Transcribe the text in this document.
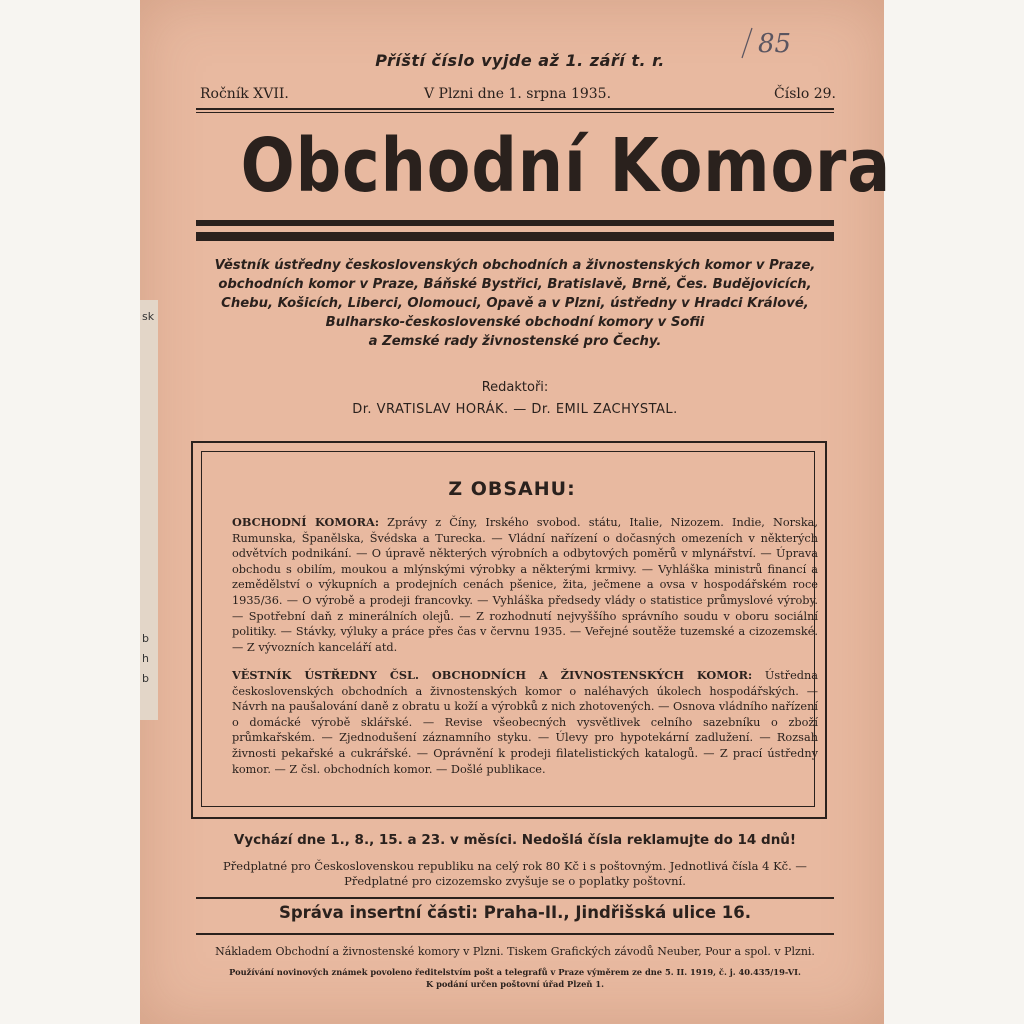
sk
b
h
b
85
Příští číslo vyjde až 1. září t. r.
Ročník XVII.	V Plzni dne 1. srpna 1935.	Číslo 29.
Obchodní Komora
Věstník ústředny československých obchodních a živnostenských komor v Praze,
obchodních komor v Praze, Báňské Bystřici, Bratislavě, Brně, Čes. Budějovicích,
Chebu, Košicích, Liberci, Olomouci, Opavě a v Plzni, ústředny v Hradci Králové,
Bulharsko-československé obchodní komory v Sofii
a Zemské rady živnostenské pro Čechy.
Redaktoři:
Dr. VRATISLAV HORÁK. — Dr. EMIL ZACHYSTAL.
Z OBSAHU:
OBCHODNÍ KOMORA: Zprávy z Číny, Irského svobod. státu, Italie, Nizozem. Indie, Norska, Rumunska, Španělska, Švédska a Turecka. — Vládní nařízení o dočasných omezeních v některých odvětvích podnikání. — O úpravě některých výrobních a odbytových poměrů v mlynářství. — Úprava obchodu s obilím, moukou a mlýnskými výrobky a některými krmivy. — Vyhláška ministrů financí a zemědělství o výkupních a prodejních cenách pšenice, žita, ječmene a ovsa v hospodářském roce 1935/36. — O výrobě a prodeji francovky. — Vyhláška předsedy vlády o statistice průmyslové výroby. — Spotřební daň z minerálních olejů. — Z rozhodnutí nejvyššího správního soudu v oboru sociální politiky. — Stávky, výluky a práce přes čas v červnu 1935. — Veřejné soutěže tuzemské a cizozemské. — Z vývozních kanceláří atd.
VĚSTNÍK ÚSTŘEDNY ČSL. OBCHODNÍCH A ŽIVNOSTENSKÝCH KOMOR: Ústředna československých obchodních a živnostenských komor o naléhavých úkolech hospodářských. — Návrh na paušalování daně z obratu u koží a výrobků z nich zhotovených. — Osnova vládního nařízení o domácké výrobě sklářské. — Revise všeobecných vysvětlivek celního sazebníku o zboží průmkařském. — Zjednodušení záznamního styku. — Úlevy pro hypotekární zadlužení. — Rozsah živnosti pekařské a cukrářské. — Oprávnění k prodeji filatelistických katalogů. — Z prací ústředny komor. — Z čsl. obchodních komor. — Došlé publikace.
Vychází dne 1., 8., 15. a 23. v měsíci. Nedošlá čísla reklamujte do 14 dnů!
Předplatné pro Československou republiku na celý rok 80 Kč i s poštovným. Jednotlivá čísla 4 Kč. —
Předplatné pro cizozemsko zvyšuje se o poplatky poštovní.
Správa insertní části: Praha-II., Jindřišská ulice 16.
Nákladem Obchodní a živnostenské komory v Plzni. Tiskem Grafických závodů Neuber, Pour a spol. v Plzni.
Používání novinových známek povoleno ředitelstvím pošt a telegrafů v Praze výměrem ze dne 5. II. 1919, č. j. 40.435/19-VI.
K podání určen poštovní úřad Plzeň 1.
